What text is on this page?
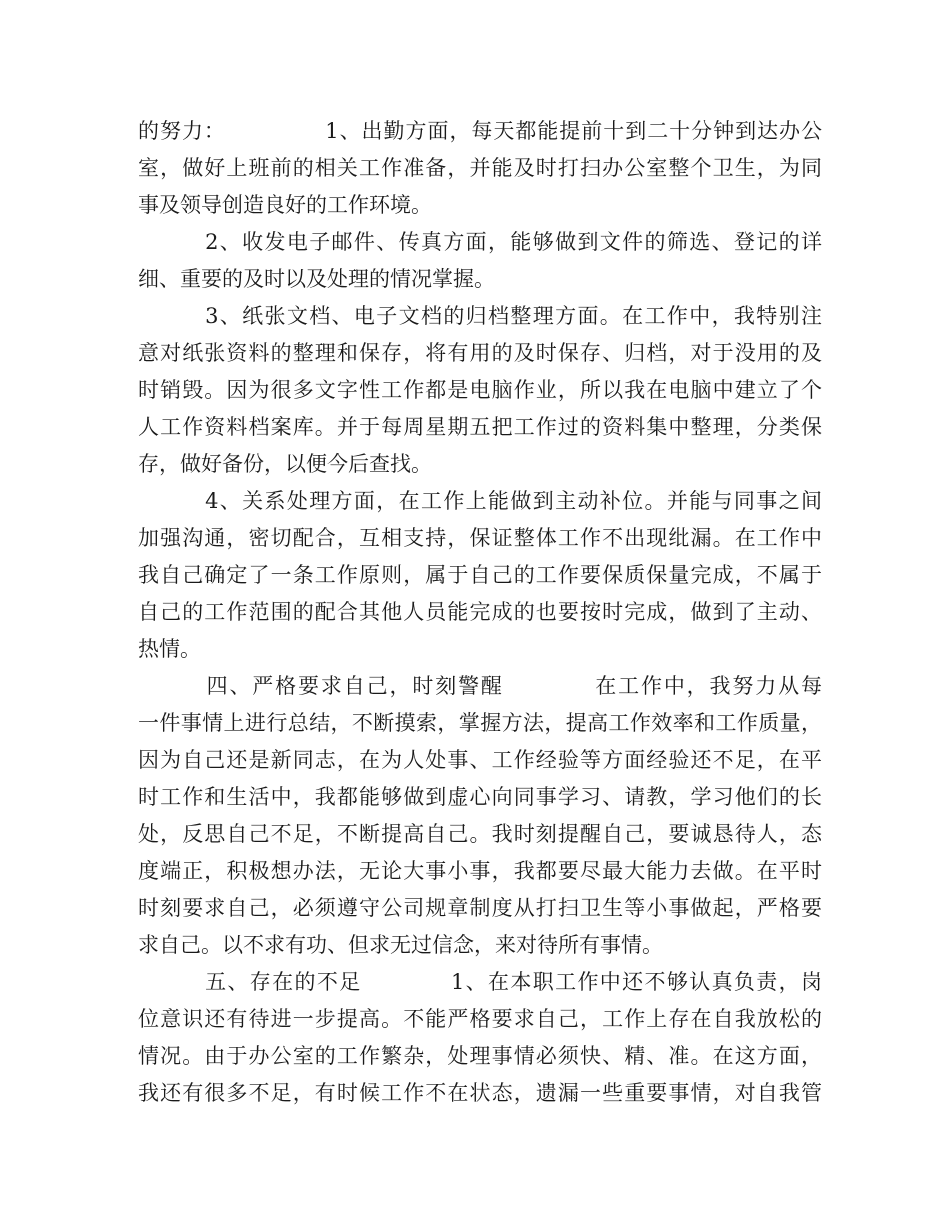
的努力：　　　　　1、出勤方面，每天都能提前十到二十分钟到达办公
室，做好上班前的相关工作准备，并能及时打扫办公室整个卫生，为同
事及领导创造良好的工作环境。
　　　2、收发电子邮件、传真方面，能够做到文件的筛选、登记的详
细、重要的及时以及处理的情况掌握。
　　　3、纸张文档、电子文档的归档整理方面。在工作中，我特别注
意对纸张资料的整理和保存，将有用的及时保存、归档，对于没用的及
时销毁。因为很多文字性工作都是电脑作业，所以我在电脑中建立了个
人工作资料档案库。并于每周星期五把工作过的资料集中整理，分类保
存，做好备份，以便今后查找。
　　　4、关系处理方面，在工作上能做到主动补位。并能与同事之间
加强沟通，密切配合，互相支持，保证整体工作不出现纰漏。在工作中
我自己确定了一条工作原则，属于自己的工作要保质保量完成，不属于
自己的工作范围的配合其他人员能完成的也要按时完成，做到了主动、
热情。
　　　四、严格要求自己，时刻警醒　　　　在工作中，我努力从每
一件事情上进行总结，不断摸索，掌握方法，提高工作效率和工作质量，
因为自己还是新同志，在为人处事、工作经验等方面经验还不足，在平
时工作和生活中，我都能够做到虚心向同事学习、请教，学习他们的长
处，反思自己不足，不断提高自己。我时刻提醒自己，要诚恳待人，态
度端正，积极想办法，无论大事小事，我都要尽最大能力去做。在平时
时刻要求自己，必须遵守公司规章制度从打扫卫生等小事做起，严格要
求自己。以不求有功、但求无过信念，来对待所有事情。
　　　五、存在的不足　　　　1、在本职工作中还不够认真负责，岗
位意识还有待进一步提高。不能严格要求自己，工作上存在自我放松的
情况。由于办公室的工作繁杂，处理事情必须快、精、准。在这方面，
我还有很多不足，有时候工作不在状态，遗漏一些重要事情，对自我管
